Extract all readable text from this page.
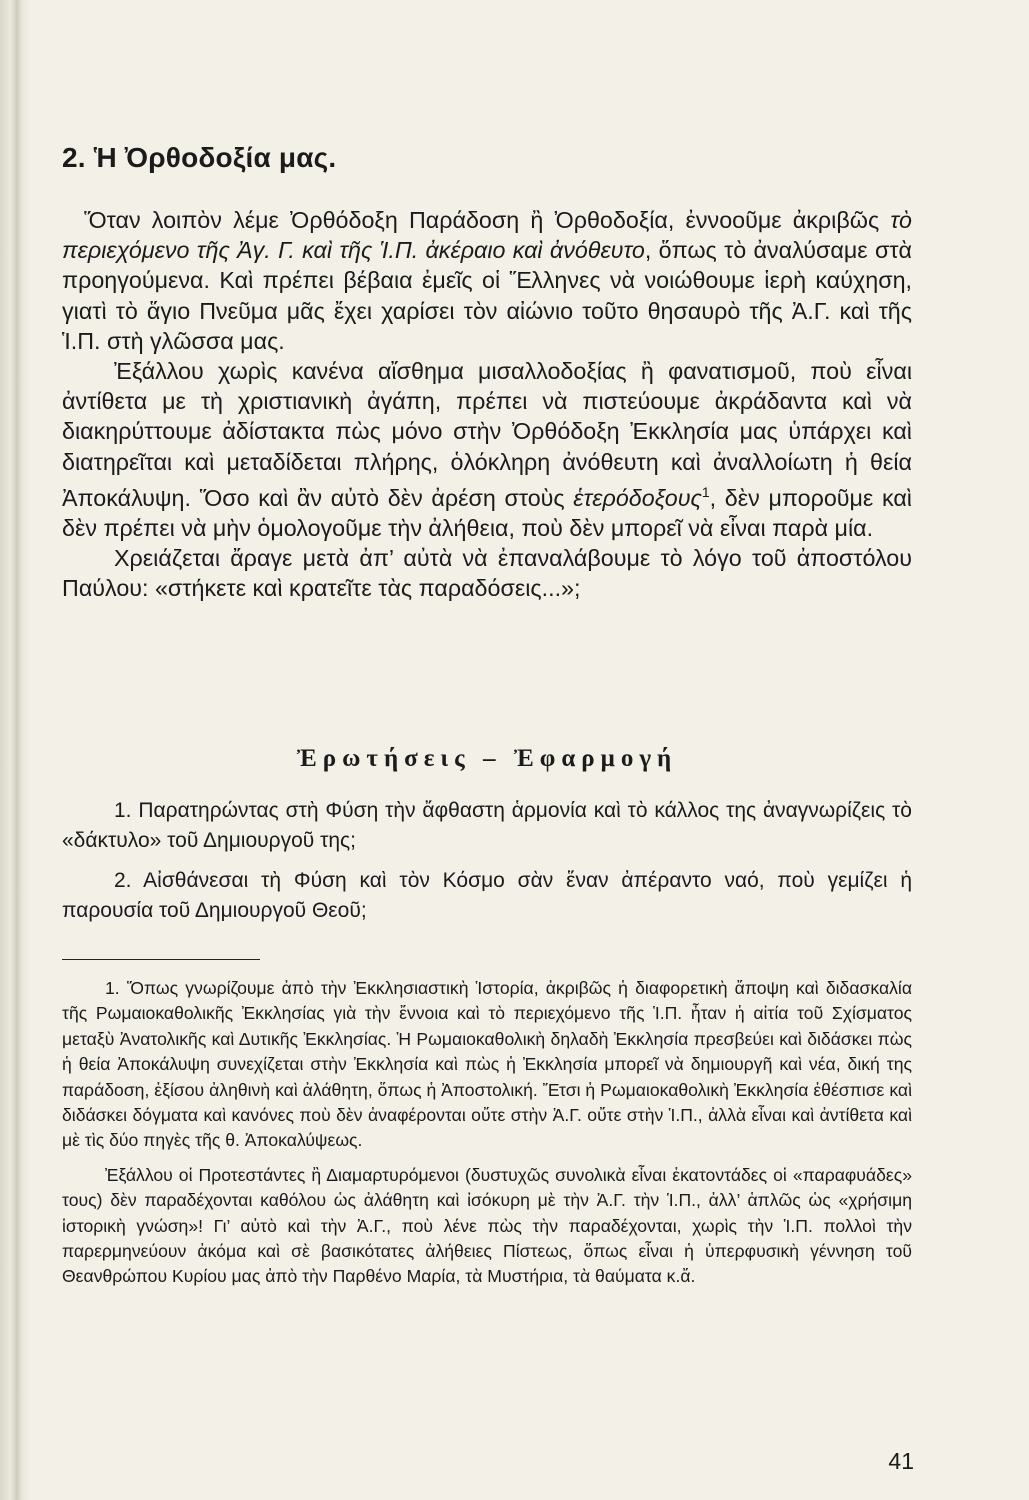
2. Ἡ Ὀρθοδοξία μας.

Ὅταν λοιπὸν λέμε Ὀρθόδοξη Παράδοση ἢ Ὀρθοδοξία, ἐννοοῦμε ἀκριβῶς τὸ περιεχόμενο τῆς Ἀγ. Γ. καὶ τῆς Ἱ.Π. ἀκέραιο καὶ ἀνόθευτο, ὅπως τὸ ἀναλύσαμε στὰ προηγούμενα. Καὶ πρέπει βέβαια ἐμεῖς οἱ Ἕλληνες νὰ νοιώθουμε ἱερὴ καύχηση, γιατὶ τὸ ἅγιο Πνεῦμα μᾶς ἔχει χαρίσει τὸν αἰώνιο τοῦτο θησαυρὸ τῆς Ἀ.Γ. καὶ τῆς Ἱ.Π. στὴ γλῶσσα μας.

Ἐξάλλου χωρὶς κανένα αἴσθημα μισαλλοδοξίας ἢ φανατισμοῦ, ποὺ εἶναι ἀντίθετα με τὴ χριστιανικὴ ἀγάπη, πρέπει νὰ πιστεύουμε ἀκράδαντα καὶ νὰ διακηρύττουμε ἀδίστακτα πὼς μόνο στὴν Ὀρθόδοξη Ἐκκλησία μας ὑπάρχει καὶ διατηρεῖται καὶ μεταδίδεται πλήρης, ὁλόκληρη ἀνόθευτη καὶ ἀναλλοίωτη ἡ θεία Ἀποκάλυψη. Ὅσο καὶ ἂν αὐτὸ δὲν ἀρέση στοὺς ἑτερόδοξους$^1$, δὲν μποροῦμε καὶ δὲν πρέπει νὰ μὴν ὁμολογοῦμε τὴν ἀλήθεια, ποὺ δὲν μπορεῖ νὰ εἶναι παρὰ μία.

Χρειάζεται ἄραγε μετὰ ἀπ’ αὐτὰ νὰ ἐπαναλάβουμε τὸ λόγο τοῦ ἀποστόλου Παύλου: «στήκετε καὶ κρατεῖτε τὰς παραδόσεις...»;

Ἐρωτήσεις – Ἐφαρμογή

1. Παρατηρώντας στὴ Φύση τὴν ἄφθαστη ἁρμονία καὶ τὸ κάλλος της ἀναγνωρίζεις τὸ «δάκτυλο» τοῦ Δημιουργοῦ της;

2. Αἰσθάνεσαι τὴ Φύση καὶ τὸν Κόσμο σὰν ἕναν ἀπέραντο ναό, ποὺ γεμίζει ἡ παρουσία τοῦ Δημιουργοῦ Θεοῦ;

1. Ὅπως γνωρίζουμε ἀπὸ τὴν Ἐκκλησιαστικὴ Ἱστορία, ἀκριβῶς ἡ διαφορετικὴ ἄποψη καὶ διδασκαλία τῆς Ρωμαιοκαθολικῆς Ἐκκλησίας γιὰ τὴν ἔννοια καὶ τὸ περιεχόμενο τῆς Ἱ.Π. ἦταν ἡ αἰτία τοῦ Σχίσματος μεταξὺ Ἀνατολικῆς καὶ Δυτικῆς Ἐκκλησίας. Ἡ Ρωμαιοκαθολικὴ δηλαδὴ Ἐκκλησία πρεσβεύει καὶ διδάσκει πὼς ἡ θεία Ἀποκάλυψη συνεχίζεται στὴν Ἐκκλησία καὶ πὼς ἡ Ἐκκλησία μπορεῖ νὰ δημιουργῆ καὶ νέα, δική της παράδοση, ἐξίσου ἀληθινὴ καὶ ἀλάθητη, ὅπως ἡ Ἀποστολική. Ἔτσι ἡ Ρωμαιοκαθολικὴ Ἐκκλησία ἐθέσπισε καὶ διδάσκει δόγματα καὶ κανόνες ποὺ δὲν ἀναφέρονται οὔτε στὴν Ἀ.Γ. οὔτε στὴν Ἱ.Π., ἀλλὰ εἶναι καὶ ἀντίθετα καὶ μὲ τὶς δύο πηγὲς τῆς θ. Ἀποκαλύψεως.

Ἐξάλλου οἱ Προτεστάντες ἢ Διαμαρτυρόμενοι (δυστυχῶς συνολικὰ εἶναι ἑκατοντάδες οἱ «παραφυάδες» τους) δὲν παραδέχονται καθόλου ὡς ἀλάθητη καὶ ἰσόκυρη μὲ τὴν Ἀ.Γ. τὴν Ἱ.Π., ἀλλ’ ἁπλῶς ὡς «χρήσιμη ἱστορικὴ γνώση»! Γι’ αὐτὸ καὶ τὴν Ἀ.Γ., ποὺ λένε πὼς τὴν παραδέχονται, χωρὶς τὴν Ἱ.Π. πολλοὶ τὴν παρερμηνεύουν ἀκόμα καὶ σὲ βασικότατες ἀλήθειες Πίστεως, ὅπως εἶναι ἡ ὑπερφυσικὴ γέννηση τοῦ Θεανθρώπου Κυρίου μας ἀπὸ τὴν Παρθένο Μαρία, τὰ Μυστήρια, τὰ θαύματα κ.ἄ.

41
